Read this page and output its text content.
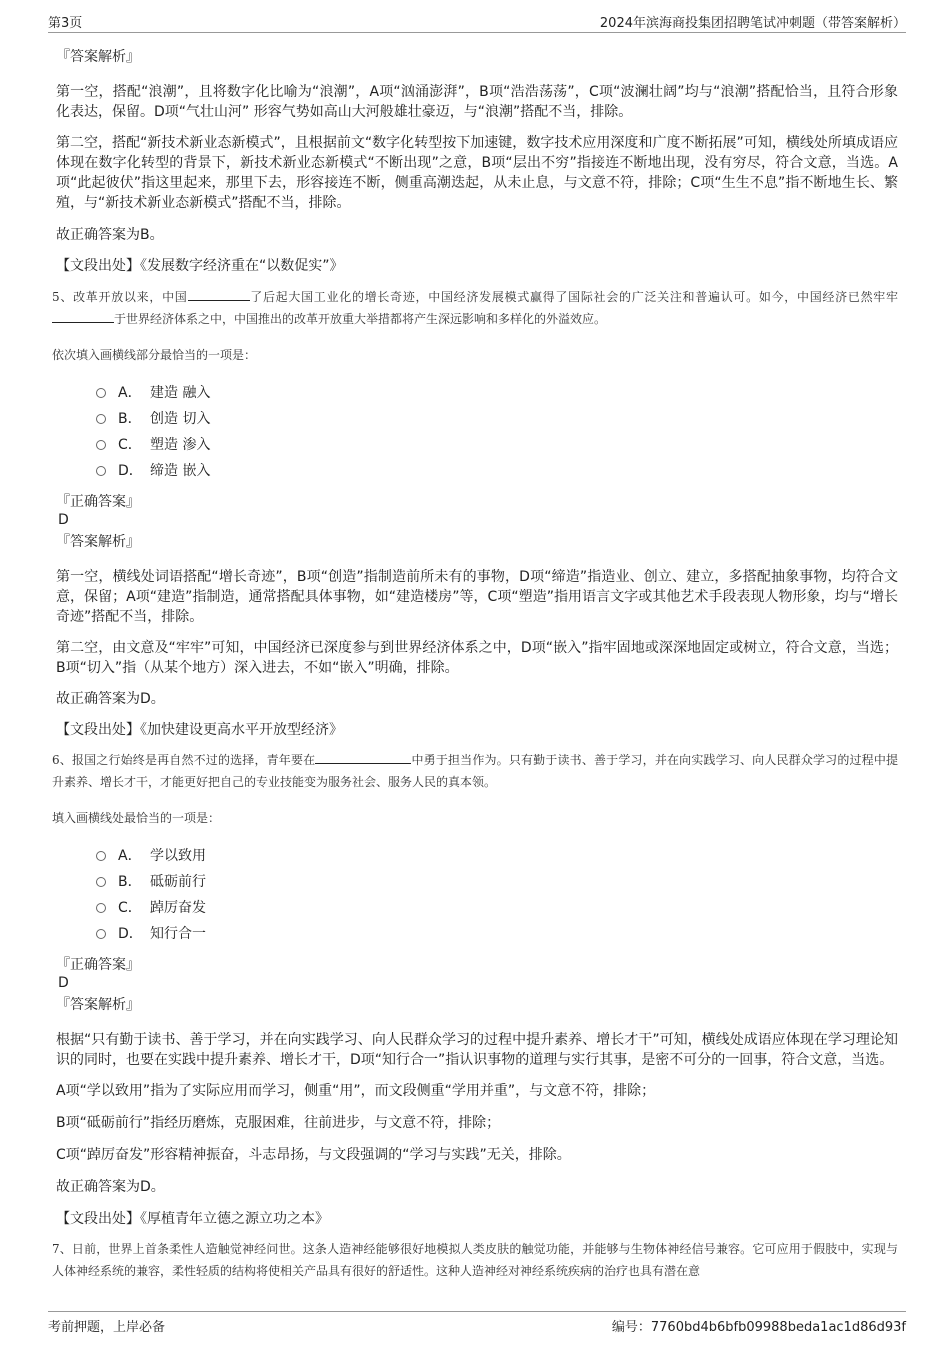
第3页	2024年滨海商投集团招聘笔试冲刺题（带答案解析）

『答案解析』

第一空，搭配“浪潮”，且将数字化比喻为“浪潮”，A项“汹涌澎湃”，B项“浩浩荡荡”，C项“波澜壮阔”均与“浪潮”搭配恰当，且符合形象化表达，保留。D项“气壮山河” 形容气势如高山大河般雄壮豪迈，与“浪潮”搭配不当，排除。

第二空，搭配“新技术新业态新模式”，且根据前文“数字化转型按下加速键，数字技术应用深度和广度不断拓展”可知，横线处所填成语应体现在数字化转型的背景下，新技术新业态新模式“不断出现”之意，B项“层出不穷”指接连不断地出现，没有穷尽，符合文意，当选。A项“此起彼伏”指这里起来，那里下去，形容接连不断，侧重高潮迭起，从未止息，与文意不符，排除；C项“生生不息”指不断地生长、繁殖，与“新技术新业态新模式”搭配不当，排除。

故正确答案为B。

【文段出处】《发展数字经济重在“以数促实”》

5、改革开放以来，中国	了后起大国工业化的增长奇迹，中国经济发展模式赢得了国际社会的广泛关注和普遍认可。如今，中国经济已然牢牢于世界经济体系之中，中国推出的改革开放重大举措都将产生深远影响和多样化的外溢效应。

依次填入画横线部分最恰当的一项是：

A． 建造 融入
B． 创造 切入
C． 塑造 渗入
D． 缔造 嵌入

『正确答案』

D

『答案解析』

第一空，横线处词语搭配“增长奇迹”，B项“创造”指制造前所未有的事物，D项“缔造”指造业、创立、建立，多搭配抽象事物，均符合文意，保留；A项“建造”指制造，通常搭配具体事物，如“建造楼房”等，C项“塑造”指用语言文字或其他艺术手段表现人物形象，均与“增长奇迹”搭配不当，排除。

第二空，由文意及“牢牢”可知，中国经济已深度参与到世界经济体系之中，D项“嵌入”指牢固地或深深地固定或树立，符合文意，当选；B项“切入”指（从某个地方）深入进去，不如“嵌入”明确，排除。

故正确答案为D。

【文段出处】《加快建设更高水平开放型经济》

6、报国之行始终是再自然不过的选择，青年要在	中勇于担当作为。只有勤于读书、善于学习，并在向实践学习、向人民群众学习的过程中提升素养、增长才干，才能更好把自己的专业技能变为服务社会、服务人民的真本领。

填入画横线处最恰当的一项是：

A． 学以致用
B． 砥砺前行
C． 踔厉奋发
D． 知行合一

『正确答案』

D

『答案解析』

根据“只有勤于读书、善于学习，并在向实践学习、向人民群众学习的过程中提升素养、增长才干”可知，横线处成语应体现在学习理论知识的同时，也要在实践中提升素养、增长才干，D项“知行合一”指认识事物的道理与实行其事，是密不可分的一回事，符合文意，当选。

A项“学以致用”指为了实际应用而学习，侧重“用”，而文段侧重“学用并重”，与文意不符，排除；

B项“砥砺前行”指经历磨炼，克服困难，往前进步，与文意不符，排除；

C项“踔厉奋发”形容精神振奋，斗志昂扬，与文段强调的“学习与实践”无关，排除。

故正确答案为D。

【文段出处】《厚植青年立德之源立功之本》

7、日前，世界上首条柔性人造触觉神经问世。这条人造神经能够很好地模拟人类皮肤的触觉功能，并能够与生物体神经信号兼容。它可应用于假肢中，实现与人体神经系统的兼容，柔性轻质的结构将使相关产品具有很好的舒适性。这种人造神经对神经系统疾病的治疗也具有潜在意

考前押题，上岸必备	编号：7760bd4b6bfb09988beda1ac1d86d93f
